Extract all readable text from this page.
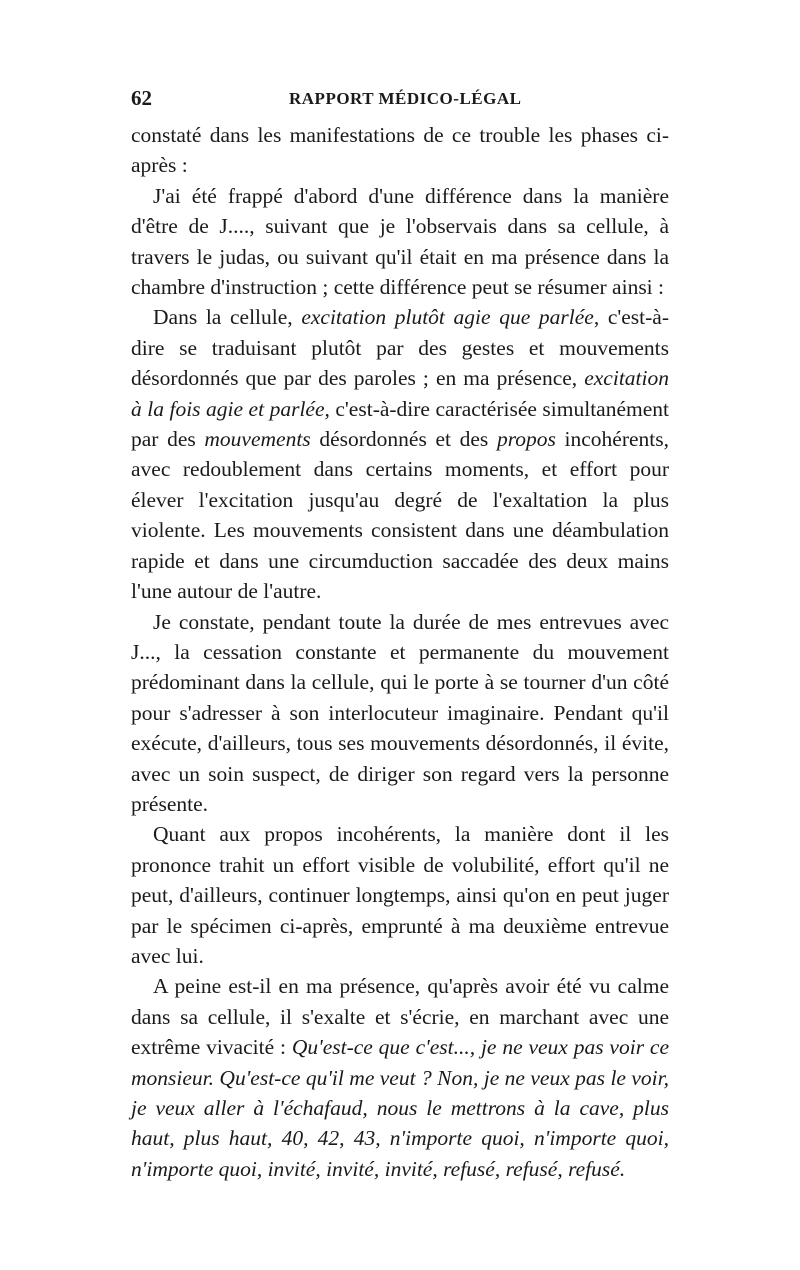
62	RAPPORT MÉDICO-LÉGAL

constaté dans les manifestations de ce trouble les phases ci-après :

J'ai été frappé d'abord d'une différence dans la manière d'être de J...., suivant que je l'observais dans sa cellule, à travers le judas, ou suivant qu'il était en ma présence dans la chambre d'instruction ; cette différence peut se résumer ainsi :

Dans la cellule, excitation plutôt agie que parlée, c'est-à-dire se traduisant plutôt par des gestes et mouvements désordonnés que par des paroles ; en ma présence, excitation à la fois agie et parlée, c'est-à-dire caractérisée simultanément par des mouvements désordonnés et des propos incohérents, avec redoublement dans certains moments, et effort pour élever l'excitation jusqu'au degré de l'exaltation la plus violente. Les mouvements consistent dans une déambulation rapide et dans une circumduction saccadée des deux mains l'une autour de l'autre.

Je constate, pendant toute la durée de mes entrevues avec J..., la cessation constante et permanente du mouvement prédominant dans la cellule, qui le porte à se tourner d'un côté pour s'adresser à son interlocuteur imaginaire. Pendant qu'il exécute, d'ailleurs, tous ses mouvements désordonnés, il évite, avec un soin suspect, de diriger son regard vers la personne présente.

Quant aux propos incohérents, la manière dont il les prononce trahit un effort visible de volubilité, effort qu'il ne peut, d'ailleurs, continuer longtemps, ainsi qu'on en peut juger par le spécimen ci-après, emprunté à ma deuxième entrevue avec lui.

A peine est-il en ma présence, qu'après avoir été vu calme dans sa cellule, il s'exalte et s'écrie, en marchant avec une extrême vivacité : Qu'est-ce que c'est..., je ne veux pas voir ce monsieur. Qu'est-ce qu'il me veut ? Non, je ne veux pas le voir, je veux aller à l'échafaud, nous le mettrons à la cave, plus haut, plus haut, 40, 42, 43, n'importe quoi, n'importe quoi, n'importe quoi, invité, invité, invité, refusé, refusé, refusé.
